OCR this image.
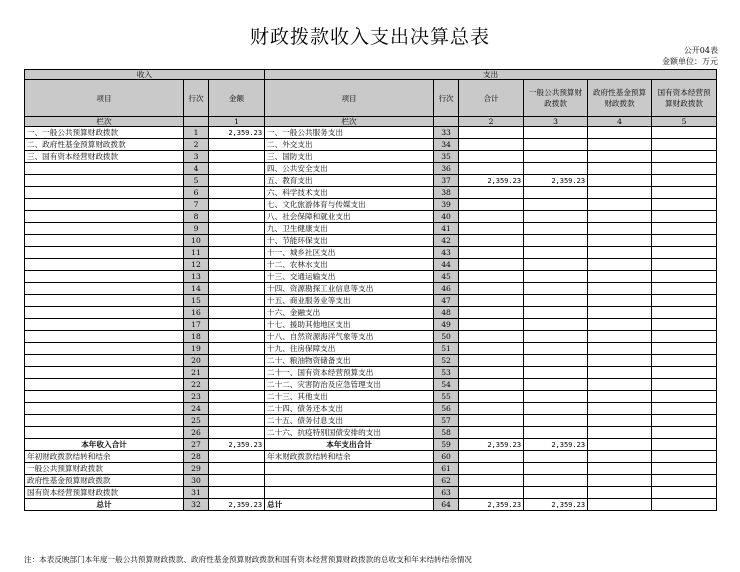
财政拨款收入支出决算总表
公开04表
金额单位：万元
收入			支出					
项目	行次	金额	项目	行次	合计	一般公共预算财政拨款	政府性基金预算财政拨款	国有资本经营预算财政拨款
栏次		1	栏次		2	3	4	5
一、一般公共预算财政拨款	1	2,359.23	一、一般公共服务支出	33				
二、政府性基金预算财政拨款	2		二、外交支出	34				
三、国有资本经营财政拨款	3		三、国防支出	35				
	4		四、公共安全支出	36				
	5		五、教育支出	37	2,359.23	2,359.23		
	6		六、科学技术支出	38				
	7		七、文化旅游体育与传媒支出	39				
	8		八、社会保障和就业支出	40				
	9		九、卫生健康支出	41				
	10		十、节能环保支出	42				
	11		十一、城乡社区支出	43				
	12		十二、农林水支出	44				
	13		十三、交通运输支出	45				
	14		十四、资源勘探工业信息等支出	46				
	15		十五、商业服务业等支出	47				
	16		十六、金融支出	48				
	17		十七、援助其他地区支出	49				
	18		十八、自然资源海洋气象等支出	50				
	19		十九、住房保障支出	51				
	20		二十、粮油物资储备支出	52				
	21		二十一、国有资本经营预算支出	53				
	22		二十二、灾害防治及应急管理支出	54				
	23		二十三、其他支出	55				
	24		二十四、债务还本支出	56				
	25		二十五、债务付息支出	57				
	26		二十六、抗疫特别国债安排的支出	58				
本年收入合计	27	2,359.23	本年支出合计	59	2,359.23	2,359.23		
年初财政拨款结转和结余	28		年末财政拨款结转和结余	60				
一般公共预算财政拨款	29			61				
政府性基金预算财政拨款	30			62				
国有资本经营预算财政拨款	31			63				
总计	32	2,359.23	总计	64	2,359.23	2,359.23		
注：本表反映部门本年度一般公共预算财政拨款、政府性基金预算财政拨款和国有资本经营预算财政拨款的总收支和年末结转结余情况
